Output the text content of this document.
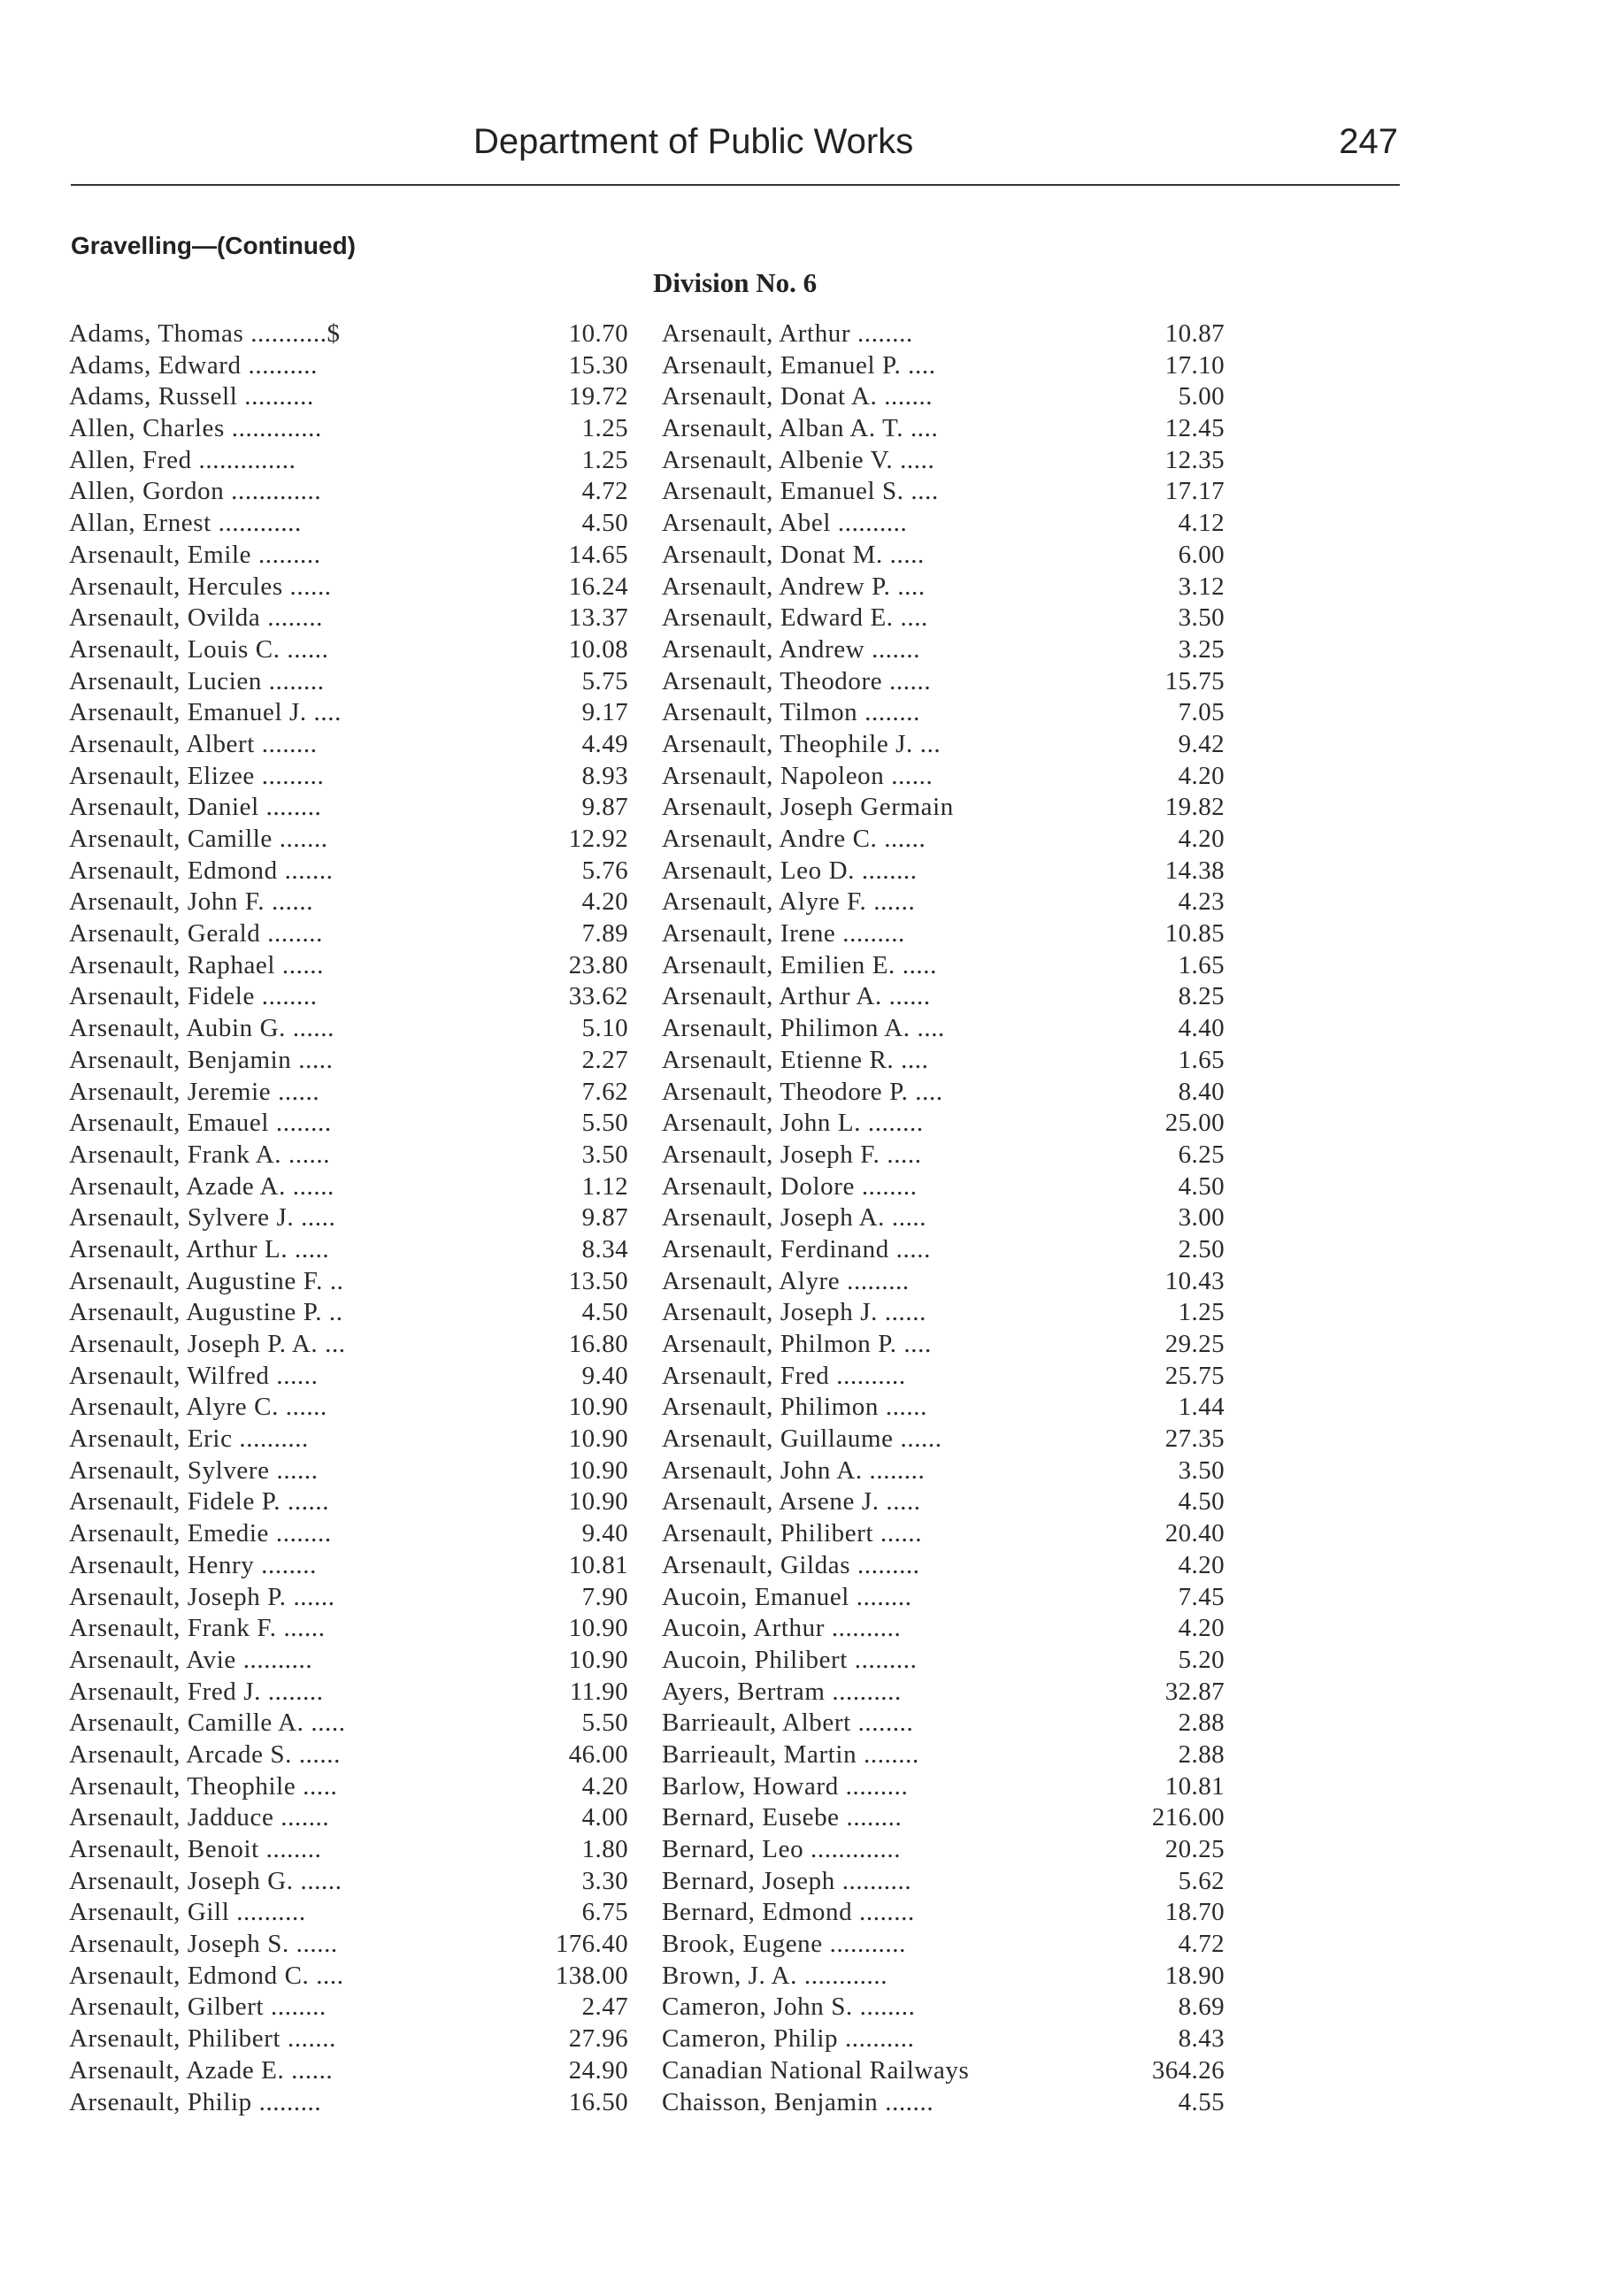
Department of Public Works	247
Gravelling—(Continued)
Division No. 6
Adams, Thomas ...........$	10.70
Adams, Edward ..........	15.30
Adams, Russell ..........	19.72
Allen, Charles .............	1.25
Allen, Fred ..............	1.25
Allen, Gordon .............	4.72
Allan, Ernest ............	4.50
Arsenault, Emile .........	14.65
Arsenault, Hercules ......	16.24
Arsenault, Ovilda ........	13.37
Arsenault, Louis C. ......	10.08
Arsenault, Lucien ........	5.75
Arsenault, Emanuel J. ....	9.17
Arsenault, Albert ........	4.49
Arsenault, Elizee .........	8.93
Arsenault, Daniel ........	9.87
Arsenault, Camille .......	12.92
Arsenault, Edmond .......	5.76
Arsenault, John F. ......	4.20
Arsenault, Gerald ........	7.89
Arsenault, Raphael ......	23.80
Arsenault, Fidele ........	33.62
Arsenault, Aubin G. ......	5.10
Arsenault, Benjamin .....	2.27
Arsenault, Jeremie ......	7.62
Arsenault, Emauel ........	5.50
Arsenault, Frank A. ......	3.50
Arsenault, Azade A. ......	1.12
Arsenault, Sylvere J. .....	9.87
Arsenault, Arthur L. .....	8.34
Arsenault, Augustine F. ..	13.50
Arsenault, Augustine P. ..	4.50
Arsenault, Joseph P. A. ...	16.80
Arsenault, Wilfred ......	9.40
Arsenault, Alyre C. ......	10.90
Arsenault, Eric ..........	10.90
Arsenault, Sylvere ......	10.90
Arsenault, Fidele P. ......	10.90
Arsenault, Emedie ........	9.40
Arsenault, Henry ........	10.81
Arsenault, Joseph P. ......	7.90
Arsenault, Frank F. ......	10.90
Arsenault, Avie ..........	10.90
Arsenault, Fred J. ........	11.90
Arsenault, Camille A. .....	5.50
Arsenault, Arcade S. ......	46.00
Arsenault, Theophile .....	4.20
Arsenault, Jadduce .......	4.00
Arsenault, Benoit ........	1.80
Arsenault, Joseph G. ......	3.30
Arsenault, Gill ..........	6.75
Arsenault, Joseph S. ......	176.40
Arsenault, Edmond C. ....	138.00
Arsenault, Gilbert ........	2.47
Arsenault, Philibert .......	27.96
Arsenault, Azade E. ......	24.90
Arsenault, Philip .........	16.50
Arsenault, Arthur ........	10.87
Arsenault, Emanuel P. ....	17.10
Arsenault, Donat A. .......	5.00
Arsenault, Alban A. T. ....	12.45
Arsenault, Albenie V. .....	12.35
Arsenault, Emanuel S. ....	17.17
Arsenault, Abel ..........	4.12
Arsenault, Donat M. .....	6.00
Arsenault, Andrew P. ....	3.12
Arsenault, Edward E. ....	3.50
Arsenault, Andrew .......	3.25
Arsenault, Theodore ......	15.75
Arsenault, Tilmon ........	7.05
Arsenault, Theophile J. ...	9.42
Arsenault, Napoleon ......	4.20
Arsenault, Joseph Germain	19.82
Arsenault, Andre C. ......	4.20
Arsenault, Leo D. ........	14.38
Arsenault, Alyre F. ......	4.23
Arsenault, Irene .........	10.85
Arsenault, Emilien E. .....	1.65
Arsenault, Arthur A. ......	8.25
Arsenault, Philimon A. ....	4.40
Arsenault, Etienne R. ....	1.65
Arsenault, Theodore P. ....	8.40
Arsenault, John L. ........	25.00
Arsenault, Joseph F. .....	6.25
Arsenault, Dolore ........	4.50
Arsenault, Joseph A. .....	3.00
Arsenault, Ferdinand .....	2.50
Arsenault, Alyre .........	10.43
Arsenault, Joseph J. ......	1.25
Arsenault, Philmon P. ....	29.25
Arsenault, Fred ..........	25.75
Arsenault, Philimon ......	1.44
Arsenault, Guillaume ......	27.35
Arsenault, John A. ........	3.50
Arsenault, Arsene J. .....	4.50
Arsenault, Philibert ......	20.40
Arsenault, Gildas .........	4.20
Aucoin, Emanuel ........	7.45
Aucoin, Arthur ..........	4.20
Aucoin, Philibert .........	5.20
Ayers, Bertram ..........	32.87
Barrieault, Albert ........	2.88
Barrieault, Martin ........	2.88
Barlow, Howard .........	10.81
Bernard, Eusebe ........	216.00
Bernard, Leo .............	20.25
Bernard, Joseph ..........	5.62
Bernard, Edmond ........	18.70
Brook, Eugene ...........	4.72
Brown, J. A. ............	18.90
Cameron, John S. ........	8.69
Cameron, Philip ..........	8.43
Canadian National Railways	364.26
Chaisson, Benjamin .......	4.55
